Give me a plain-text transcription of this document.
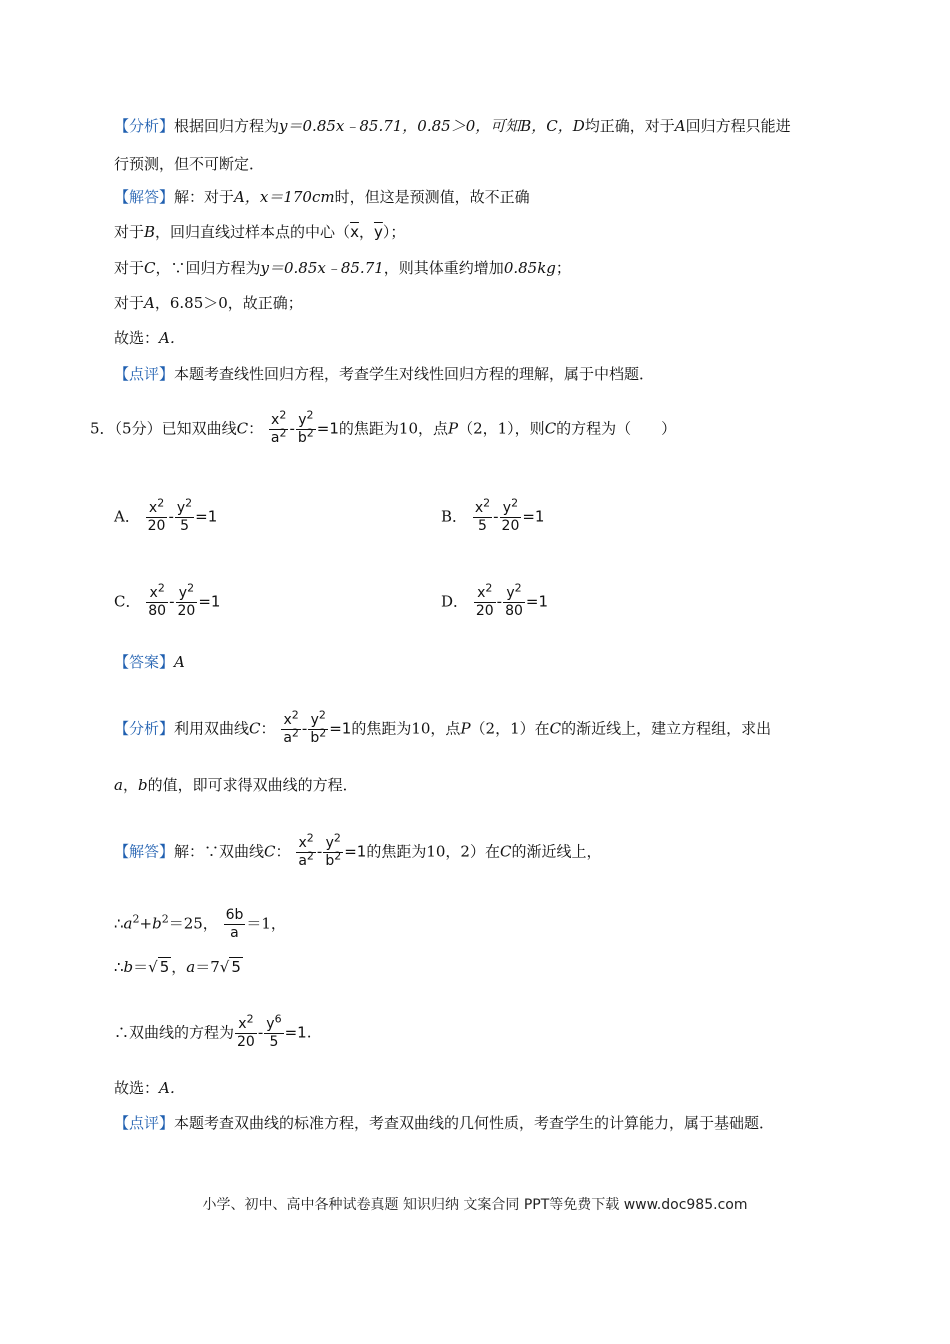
【分析】根据回归方程为y＝0.85x﹣85.71，0.85＞0，可知B，C，D均正确，对于A回归方程只能进
行预测，但不可断定．
【解答】解：对于A，x＝170cm时，但这是预测值，故不正确
对于B，回归直线过样本点的中心（$\overline{x}$，$\overline{y}$）；
对于C，∵回归方程为y＝0.85x﹣85.71，则其体重约增加0.85kg；
对于A，6.85＞0，故正确；
故选：A．
【点评】本题考查线性回归方程，考查学生对线性回归方程的理解，属于中档题．
5．（5分）已知双曲线C： $\frac{x^2}{a^2} - \frac{y^2}{b^2} =1$的焦距为10，点P（2，1），则C的方程为（　　）
A． $\frac{x^2}{20} - \frac{y^2}{5} =1$	B． $\frac{x^2}{5} - \frac{y^2}{20} =1$
C． $\frac{x^2}{80} - \frac{y^2}{20} =1$	D． $\frac{x^2}{20} - \frac{y^2}{80} =1$
【答案】A
【分析】利用双曲线C： $\frac{x^2}{a^2} - \frac{y^2}{b^2} =1$的焦距为10，点P（2，1）在C的渐近线上，建立方程组，求出
a，b的值，即可求得双曲线的方程．
【解答】解：∵双曲线C： $\frac{x^2}{a^2} - \frac{y^2}{b^2} =1$的焦距为10，2）在C的渐近线上，
$\therefore a^2+b^2=25$， $\frac{6b}{a} =1$，
∴b＝√ 5 ，a＝7√ 5
∴双曲线的方程为 $\frac{x^2}{20} - \frac{y^6}{5} =1$.
故选：A．
【点评】本题考查双曲线的标准方程，考查双曲线的几何性质，考查学生的计算能力，属于基础题．
小学、初中、高中各种试卷真题 知识归纳 文案合同 PPT等免费下载 www.doc985.com
